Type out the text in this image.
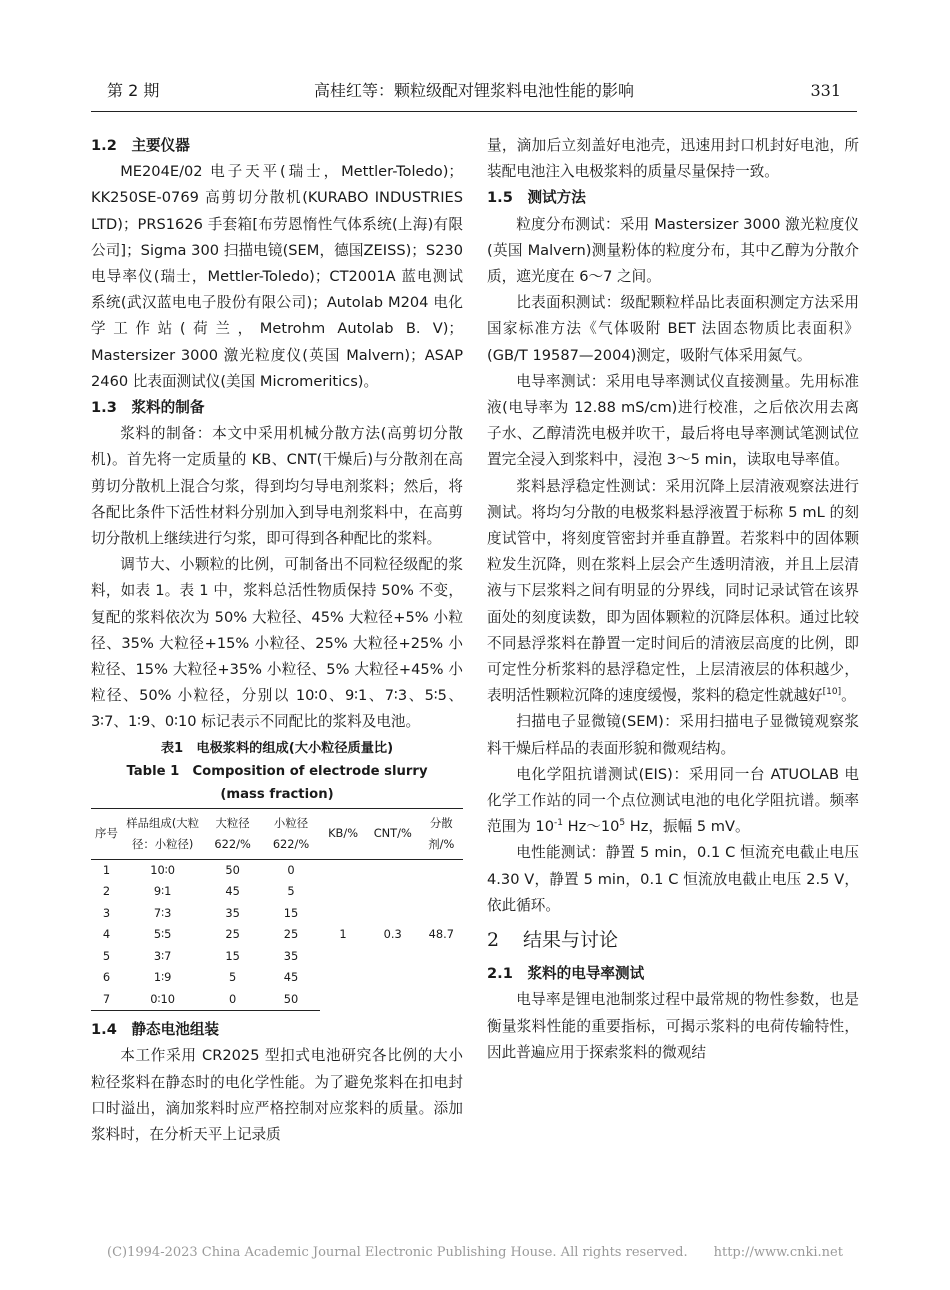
第 2 期	高桂红等：颗粒级配对锂浆料电池性能的影响	331

1.2　主要仪器

ME204E/02 电子天平(瑞士，Mettler-Toledo)；KK250SE-0769 高剪切分散机(KURABO INDUSTRIES LTD)；PRS1626 手套箱[布劳恩惰性气体系统(上海)有限公司]；Sigma 300 扫描电镜(SEM，德国ZEISS)；S230 电导率仪(瑞士，Mettler-Toledo)；CT2001A 蓝电测试系统(武汉蓝电电子股份有限公司)；Autolab M204 电化学工作站(荷兰，Metrohm Autolab B. V)；Mastersizer 3000 激光粒度仪(英国 Malvern)；ASAP 2460 比表面测试仪(美国 Micromeritics)。

1.3　浆料的制备

浆料的制备：本文中采用机械分散方法(高剪切分散机)。首先将一定质量的 KB、CNT(干燥后)与分散剂在高剪切分散机上混合匀浆，得到均匀导电剂浆料；然后，将各配比条件下活性材料分别加入到导电剂浆料中，在高剪切分散机上继续进行匀浆，即可得到各种配比的浆料。

调节大、小颗粒的比例，可制备出不同粒径级配的浆料，如表 1。表 1 中，浆料总活性物质保持 50% 不变，复配的浆料依次为 50% 大粒径、45% 大粒径+5% 小粒径、35% 大粒径+15% 小粒径、25% 大粒径+25% 小粒径、15% 大粒径+35% 小粒径、5% 大粒径+45% 小粒径、50% 小粒径，分别以 10∶0、9∶1、7∶3、5∶5、3∶7、1∶9、0∶10 标记表示不同配比的浆料及电池。

表1　电极浆料的组成(大小粒径质量比)
Table 1　Composition of electrode slurry
(mass fraction)
序号	样品组成(大粒径：小粒径)	大粒径622/%	小粒径622/%	KB/%	CNT/%	分散剂/%
1	10∶0	50	0	1	0.3	48.7
2	9∶1	45	5			
3	7∶3	35	15			
4	5∶5	25	25			
5	3∶7	15	35			
6	1∶9	5	45			
7	0∶10	0	50			

1.4　静态电池组装

本工作采用 CR2025 型扣式电池研究各比例的大小粒径浆料在静态时的电化学性能。为了避免浆料在扣电封口时溢出，滴加浆料时应严格控制对应浆料的质量。添加浆料时，在分析天平上记录质

量，滴加后立刻盖好电池壳，迅速用封口机封好电池，所装配电池注入电极浆料的质量尽量保持一致。

1.5　测试方法

粒度分布测试：采用 Mastersizer 3000 激光粒度仪(英国 Malvern)测量粉体的粒度分布，其中乙醇为分散介质，遮光度在 6～7 之间。

比表面积测试：级配颗粒样品比表面积测定方法采用国家标准方法《气体吸附 BET 法固态物质比表面积》(GB/T 19587—2004)测定，吸附气体采用氮气。

电导率测试：采用电导率测试仪直接测量。先用标准液(电导率为 12.88 mS/cm)进行校准，之后依次用去离子水、乙醇清洗电极并吹干，最后将电导率测试笔测试位置完全浸入到浆料中，浸泡 3～5 min，读取电导率值。

浆料悬浮稳定性测试：采用沉降上层清液观察法进行测试。将均匀分散的电极浆料悬浮液置于标称 5 mL 的刻度试管中，将刻度管密封并垂直静置。若浆料中的固体颗粒发生沉降，则在浆料上层会产生透明清液，并且上层清液与下层浆料之间有明显的分界线，同时记录试管在该界面处的刻度读数，即为固体颗粒的沉降层体积。通过比较不同悬浮浆料在静置一定时间后的清液层高度的比例，即可定性分析浆料的悬浮稳定性，上层清液层的体积越少，表明活性颗粒沉降的速度缓慢，浆料的稳定性就越好[10]。

扫描电子显微镜(SEM)：采用扫描电子显微镜观察浆料干燥后样品的表面形貌和微观结构。

电化学阻抗谱测试(EIS)：采用同一台 ATUOLAB 电化学工作站的同一个点位测试电池的电化学阻抗谱。频率范围为 $10^{-1}$ $Hz\sim 10^5$ Hz，振幅 5 mV。

电性能测试：静置 5 min，0.1 C 恒流充电截止电压 4.30 V，静置 5 min，0.1 C 恒流放电截止电压 2.5 V，依此循环。

2 结果与讨论

2.1　浆料的电导率测试

电导率是锂电池制浆过程中最常规的物性参数，也是衡量浆料性能的重要指标，可揭示浆料的电荷传输特性，因此普遍应用于探索浆料的微观结

(C)1994-2023 China Academic Journal Electronic Publishing House. All rights reserved.　　http://www.cnki.net
